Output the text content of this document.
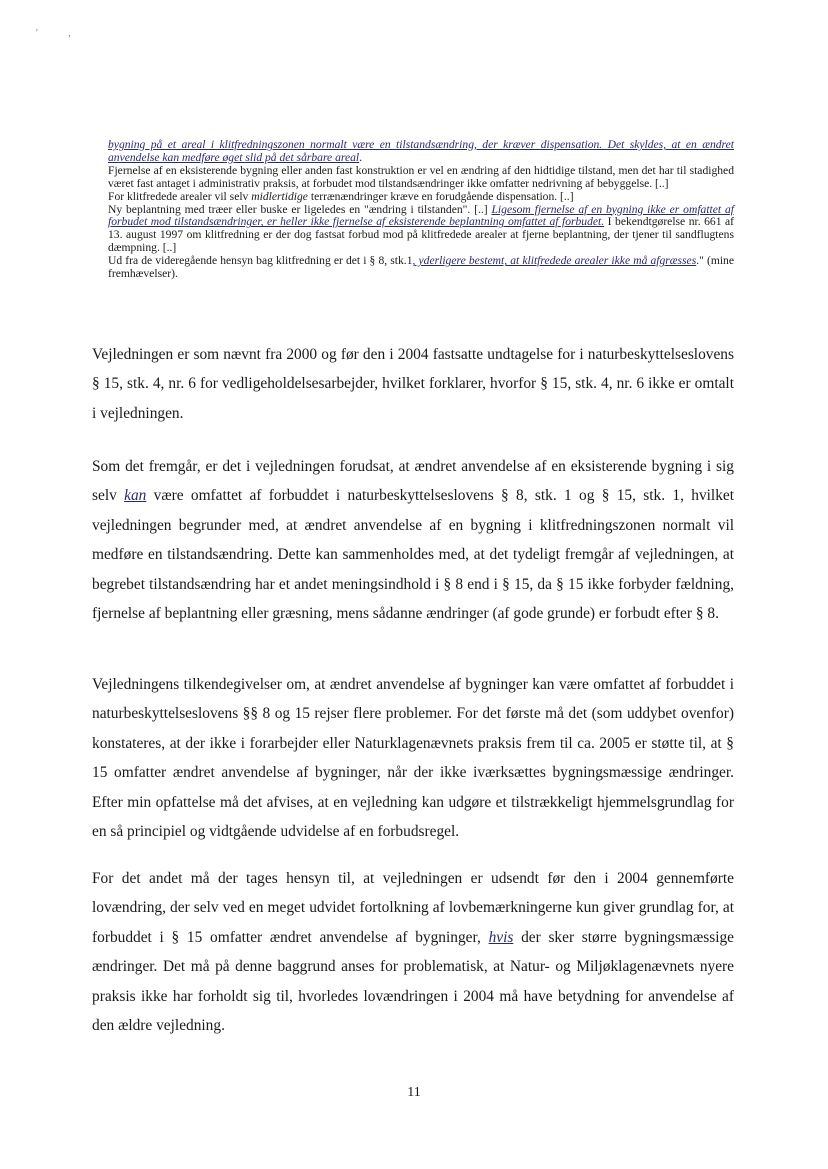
' ,

bygning på et areal i klitfredningszonen normalt være en tilstandsændring, der kræver dispensation. Det skyldes, at en ændret anvendelse kan medføre øget slid på det sårbare areal.

Fjernelse af en eksisterende bygning eller anden fast konstruktion er vel en ændring af den hidtidige tilstand, men det har til stadighed været fast antaget i administrativ praksis, at forbudet mod tilstandsændringer ikke omfatter nedrivning af bebyggelse. [..]

For klitfredede arealer vil selv midlertidige terrænændringer kræve en forudgående dispensation. [..]

Ny beplantning med træer eller buske er ligeledes en "ændring i tilstanden". [..] Ligesom fjernelse af en bygning ikke er omfattet af forbudet mod tilstandsændringer, er heller ikke fjernelse af eksisterende beplantning omfattet af forbudet. I bekendtgørelse nr. 661 af 13. august 1997 om klitfredning er der dog fastsat forbud mod på klitfredede arealer at fjerne beplantning, der tjener til sandflugtens dæmpning. [..]

Ud fra de videregående hensyn bag klitfredning er det i § 8, stk.1, yderligere bestemt, at klitfredede arealer ikke må afgræsses." (mine fremhævelser).

Vejledningen er som nævnt fra 2000 og før den i 2004 fastsatte undtagelse for i naturbeskyttelseslovens § 15, stk. 4, nr. 6 for vedligeholdelsesarbejder, hvilket forklarer, hvorfor § 15, stk. 4, nr. 6 ikke er omtalt i vejledningen.

Som det fremgår, er det i vejledningen forudsat, at ændret anvendelse af en eksisterende bygning i sig selv kan være omfattet af forbuddet i naturbeskyttelseslovens § 8, stk. 1 og § 15, stk. 1, hvilket vejledningen begrunder med, at ændret anvendelse af en bygning i klitfredningszonen normalt vil medføre en tilstandsændring. Dette kan sammenholdes med, at det tydeligt fremgår af vejledningen, at begrebet tilstandsændring har et andet meningsindhold i § 8 end i § 15, da § 15 ikke forbyder fældning, fjernelse af beplantning eller græsning, mens sådanne ændringer (af gode grunde) er forbudt efter § 8.

Vejledningens tilkendegivelser om, at ændret anvendelse af bygninger kan være omfattet af forbuddet i naturbeskyttelseslovens §§ 8 og 15 rejser flere problemer. For det første må det (som uddybet ovenfor) konstateres, at der ikke i forarbejder eller Naturklagenævnets praksis frem til ca. 2005 er støtte til, at § 15 omfatter ændret anvendelse af bygninger, når der ikke iværksættes bygningsmæssige ændringer. Efter min opfattelse må det afvises, at en vejledning kan udgøre et tilstrækkeligt hjemmelsgrundlag for en så principiel og vidtgående udvidelse af en forbudsregel.

For det andet må der tages hensyn til, at vejledningen er udsendt før den i 2004 gennemførte lovændring, der selv ved en meget udvidet fortolkning af lovbemærkningerne kun giver grundlag for, at forbuddet i § 15 omfatter ændret anvendelse af bygninger, hvis der sker større bygningsmæssige ændringer. Det må på denne baggrund anses for problematisk, at Natur- og Miljøklagenævnets nyere praksis ikke har forholdt sig til, hvorledes lovændringen i 2004 må have betydning for anvendelse af den ældre vejledning.

11
